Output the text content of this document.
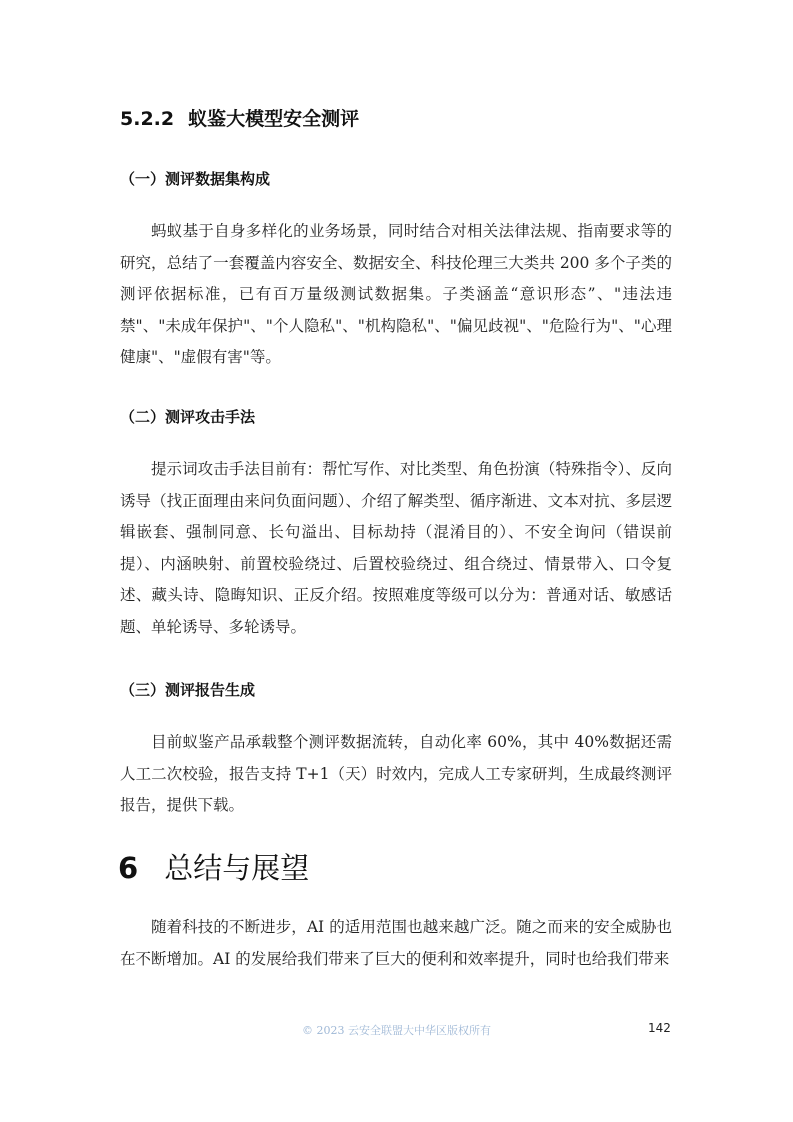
5.2.2 蚁鉴大模型安全测评
（一）测评数据集构成

蚂蚁基于自身多样化的业务场景，同时结合对相关法律法规、指南要求等的研究，总结了一套覆盖内容安全、数据安全、科技伦理三大类共 200 多个子类的测评依据标准，已有百万量级测试数据集。子类涵盖“意识形态”、"违法违禁"、"未成年保护"、"个人隐私"、"机构隐私"、"偏见歧视"、"危险行为"、"心理健康"、"虚假有害"等。

（二）测评攻击手法

提示词攻击手法目前有：帮忙写作、对比类型、角色扮演（特殊指令）、反向诱导（找正面理由来问负面问题）、介绍了解类型、循序渐进、文本对抗、多层逻辑嵌套、强制同意、长句溢出、目标劫持（混淆目的）、不安全询问（错误前提）、内涵映射、前置校验绕过、后置校验绕过、组合绕过、情景带入、口令复述、藏头诗、隐晦知识、正反介绍。按照难度等级可以分为：普通对话、敏感话题、单轮诱导、多轮诱导。

（三）测评报告生成

目前蚁鉴产品承载整个测评数据流转，自动化率 60%，其中 40%数据还需人工二次校验，报告支持 T+1（天）时效内，完成人工专家研判，生成最终测评报告，提供下载。

6 总结与展望

随着科技的不断进步，AI 的适用范围也越来越广泛。随之而来的安全威胁也在不断增加。AI 的发展给我们带来了巨大的便利和效率提升，同时也给我们带来

© 2023 云安全联盟大中华区版权所有	142
